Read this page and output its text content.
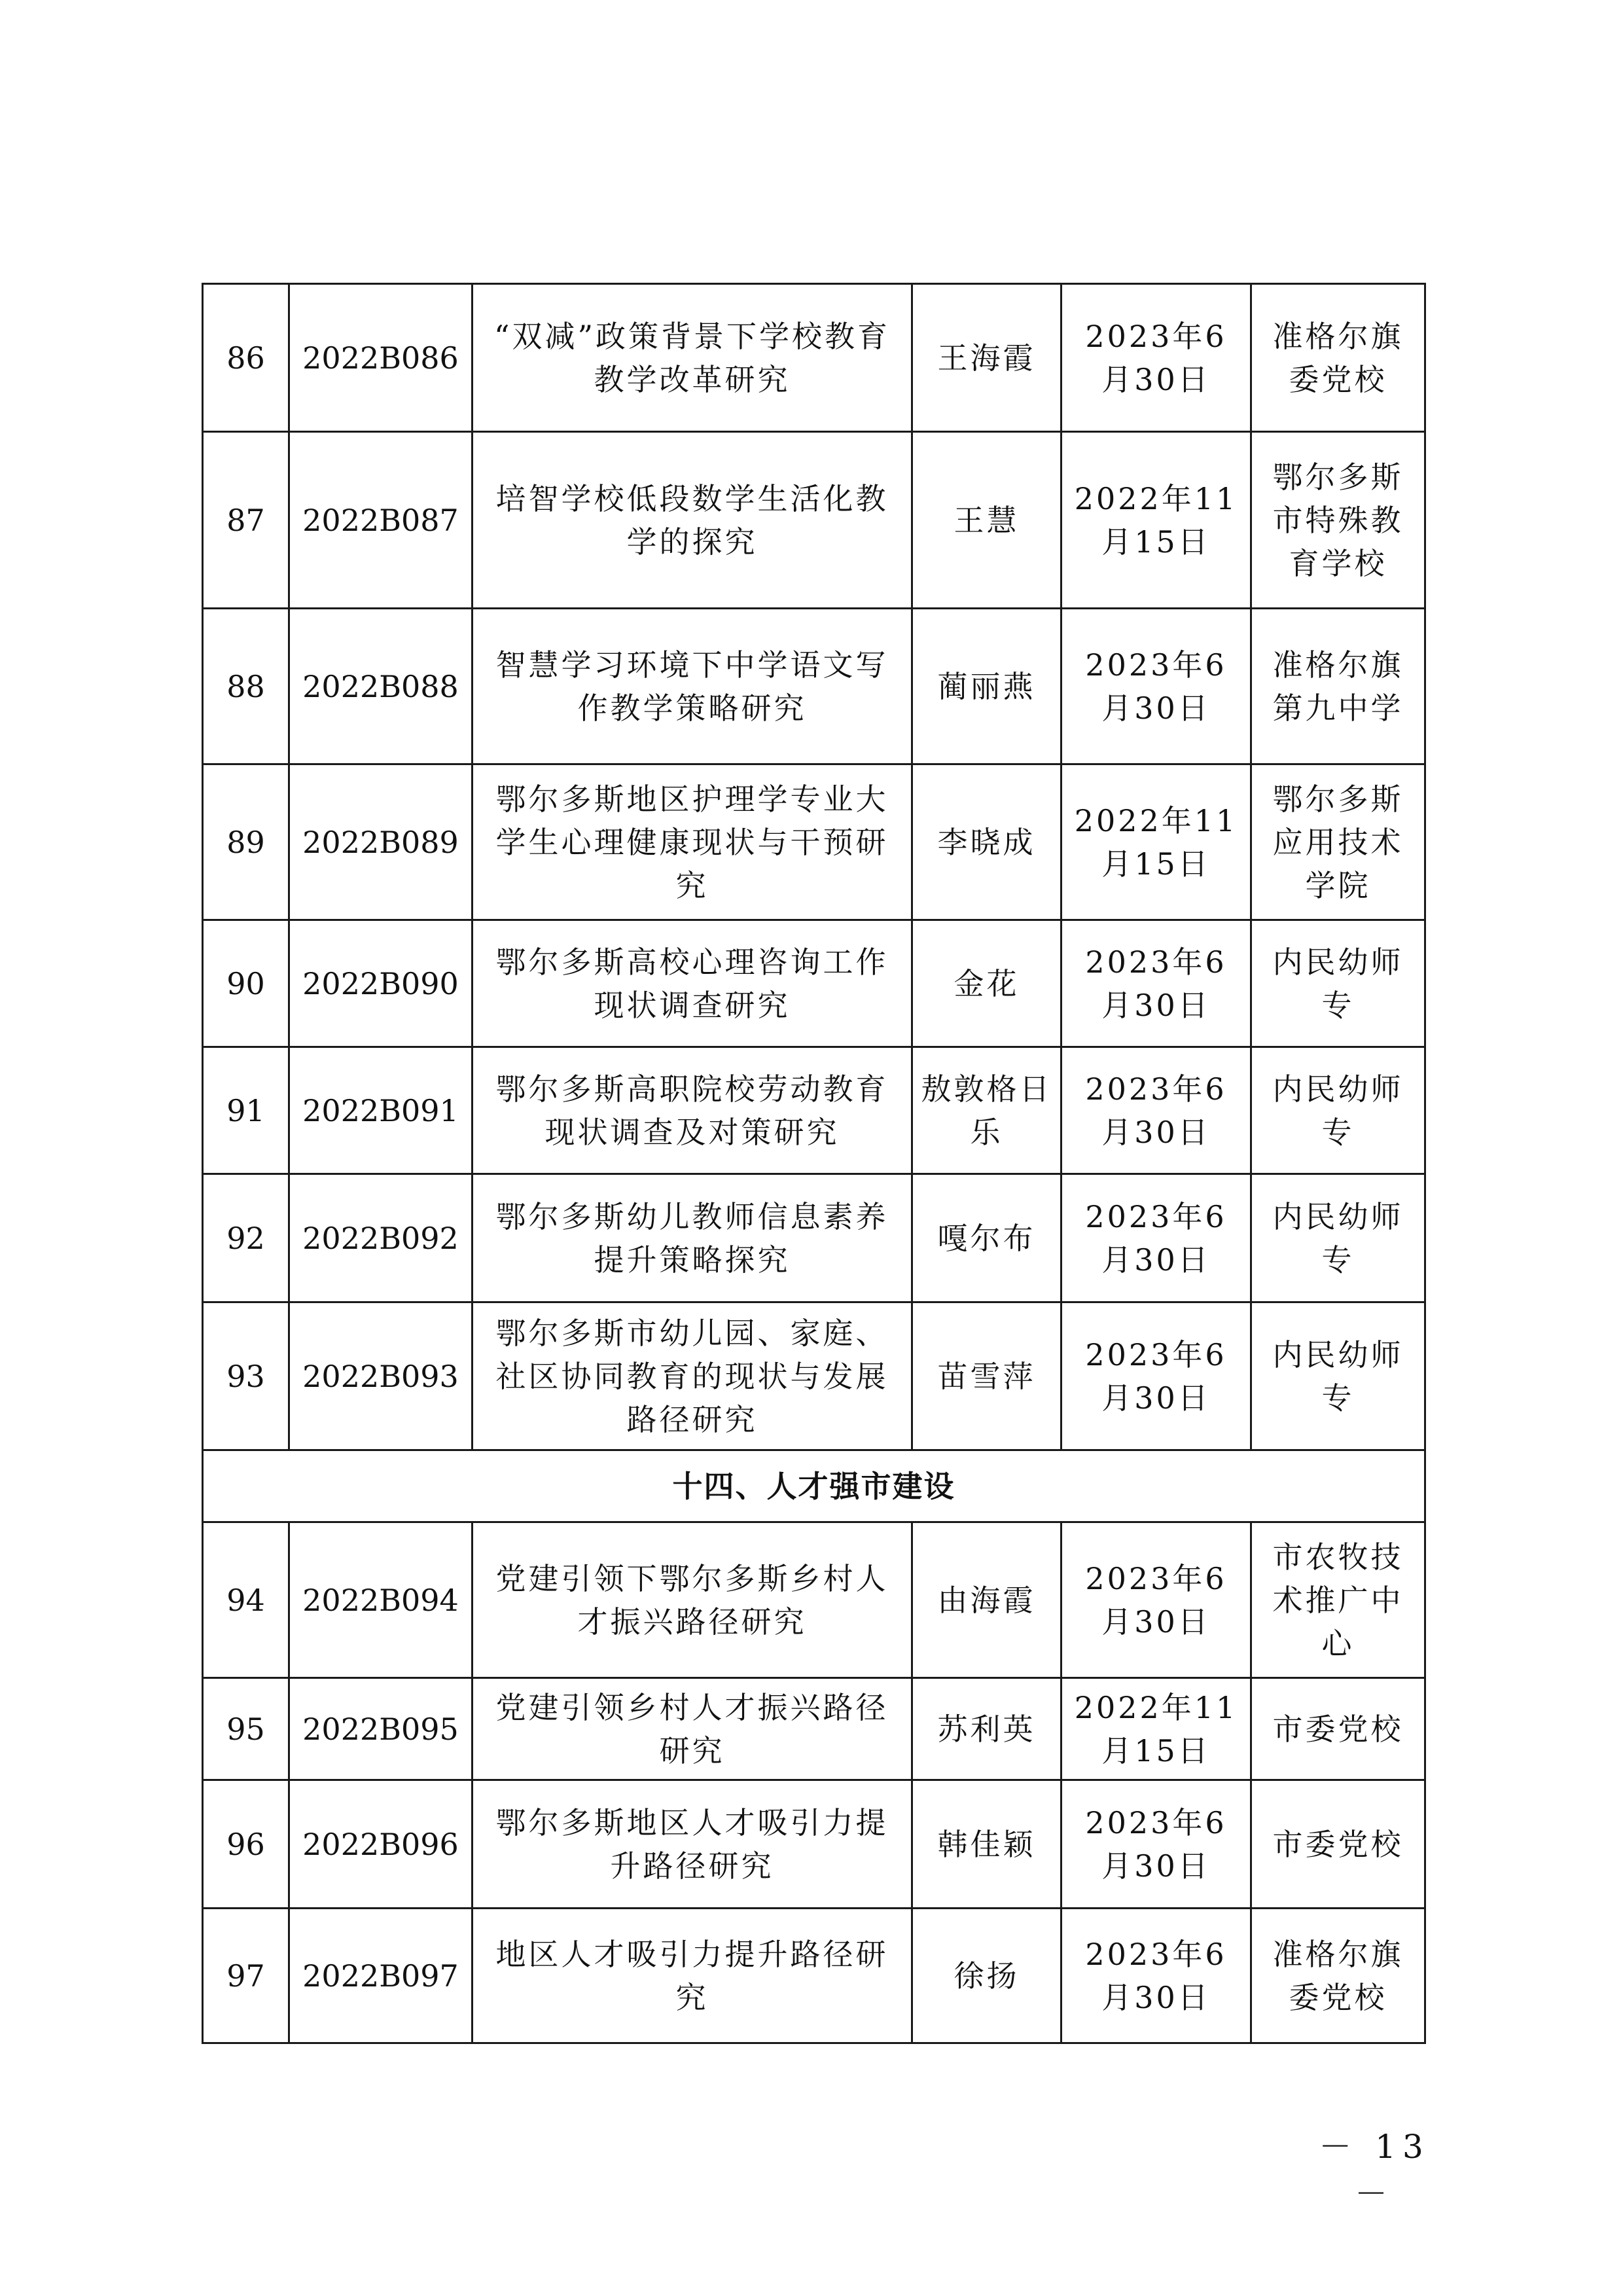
86	2022B086	“双减”政策背景下学校教育教学改革研究	王海霞	2023年6月30日	准格尔旗委党校
87	2022B087	培智学校低段数学生活化教学的探究	王慧	2022年11月15日	鄂尔多斯市特殊教育学校
88	2022B088	智慧学习环境下中学语文写作教学策略研究	蔺丽燕	2023年6月30日	准格尔旗第九中学
89	2022B089	鄂尔多斯地区护理学专业大学生心理健康现状与干预研究	李晓成	2022年11月15日	鄂尔多斯应用技术学院
90	2022B090	鄂尔多斯高校心理咨询工作现状调查研究	金花	2023年6月30日	内民幼师专
91	2022B091	鄂尔多斯高职院校劳动教育现状调查及对策研究	敖敦格日乐	2023年6月30日	内民幼师专
92	2022B092	鄂尔多斯幼儿教师信息素养提升策略探究	嘎尔布	2023年6月30日	内民幼师专
93	2022B093	鄂尔多斯市幼儿园、家庭、社区协同教育的现状与发展路径研究	苗雪萍	2023年6月30日	内民幼师专
十四、人才强市建设					
94	2022B094	党建引领下鄂尔多斯乡村人才振兴路径研究	由海霞	2023年6月30日	市农牧技术推广中心
95	2022B095	党建引领乡村人才振兴路径研究	苏利英	2022年11月15日	市委党校
96	2022B096	鄂尔多斯地区人才吸引力提升路径研究	韩佳颖	2023年6月30日	市委党校
97	2022B097	地区人才吸引力提升路径研究	徐扬	2023年6月30日	准格尔旗委党校
－ 13 －
